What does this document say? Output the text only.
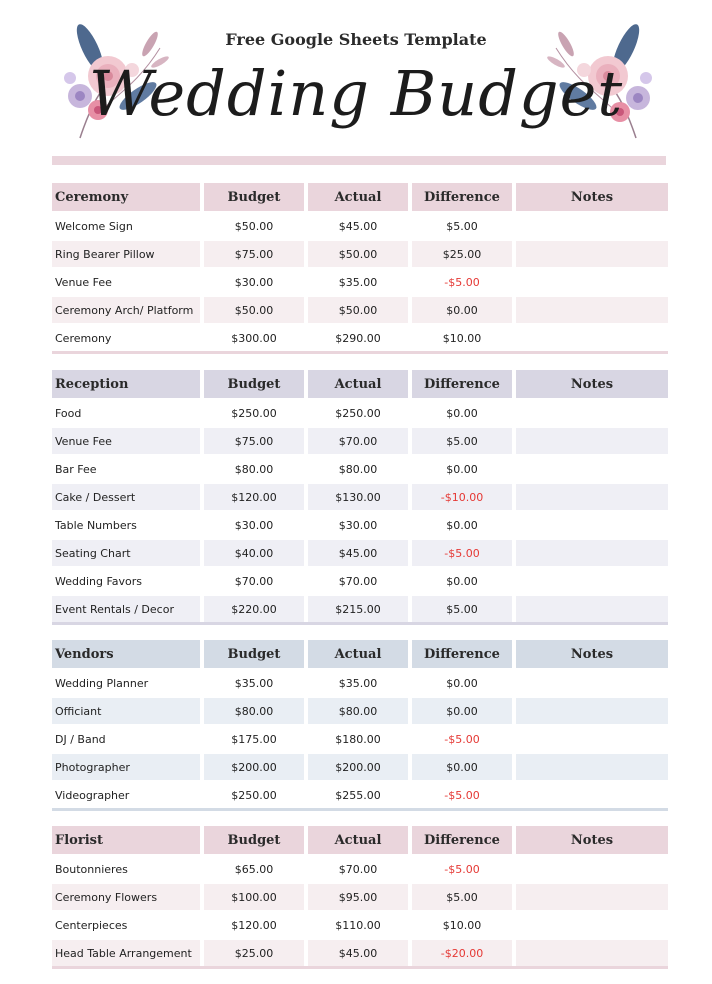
Free Google Sheets Template
Wedding Budget
Ceremony	Budget	Actual	Difference	Notes
Welcome Sign	$50.00	$45.00	$5.00	
Ring Bearer Pillow	$75.00	$50.00	$25.00	
Venue Fee	$30.00	$35.00	-$5.00	
Ceremony Arch/ Platform	$50.00	$50.00	$0.00	
Ceremony	$300.00	$290.00	$10.00	
Reception	Budget	Actual	Difference	Notes
Food	$250.00	$250.00	$0.00	
Venue Fee	$75.00	$70.00	$5.00	
Bar Fee	$80.00	$80.00	$0.00	
Cake / Dessert	$120.00	$130.00	-$10.00	
Table Numbers	$30.00	$30.00	$0.00	
Seating Chart	$40.00	$45.00	-$5.00	
Wedding Favors	$70.00	$70.00	$0.00	
Event Rentals / Decor	$220.00	$215.00	$5.00	
Vendors	Budget	Actual	Difference	Notes
Wedding Planner	$35.00	$35.00	$0.00	
Officiant	$80.00	$80.00	$0.00	
DJ / Band	$175.00	$180.00	-$5.00	
Photographer	$200.00	$200.00	$0.00	
Videographer	$250.00	$255.00	-$5.00	
Florist	Budget	Actual	Difference	Notes
Boutonnieres	$65.00	$70.00	-$5.00	
Ceremony Flowers	$100.00	$95.00	$5.00	
Centerpieces	$120.00	$110.00	$10.00	
Head Table Arrangement	$25.00	$45.00	-$20.00	
